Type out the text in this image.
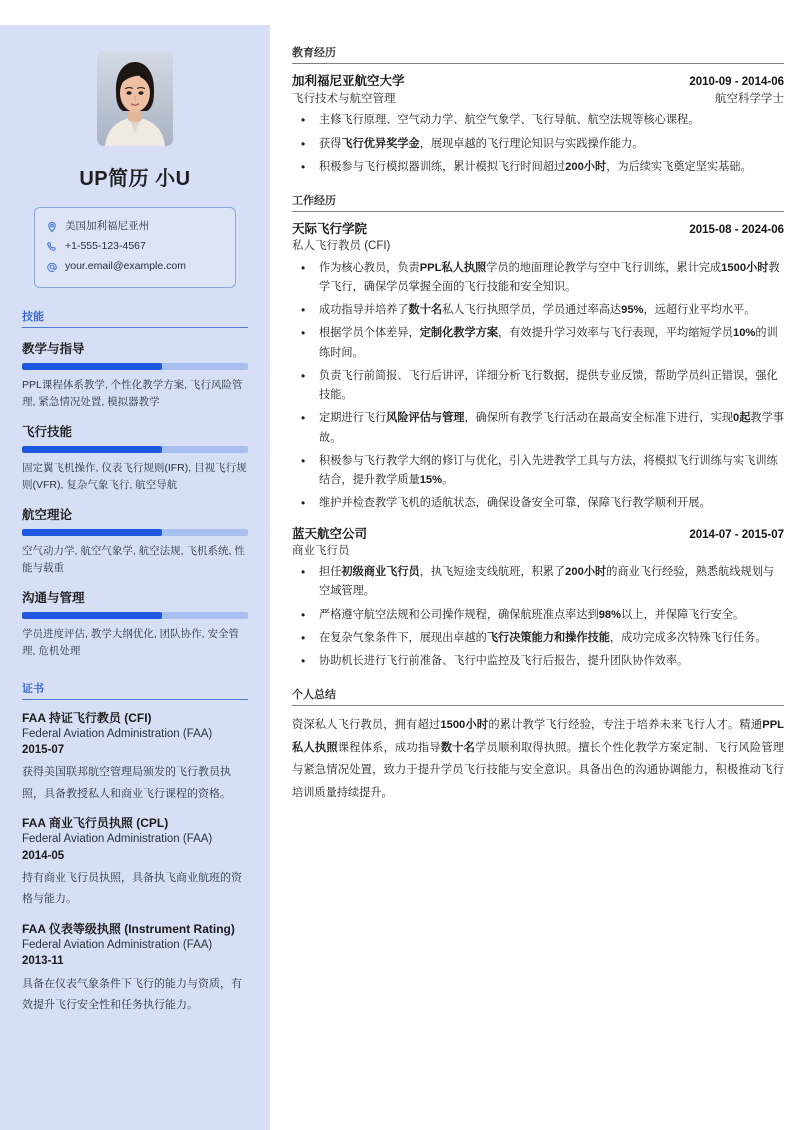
UP简历 小U
美国加利福尼亚州
+1-555-123-4567
your.email@example.com
技能
教学与指导
PPL课程体系教学, 个性化教学方案, 飞行风险管理, 紧急情况处置, 模拟器教学
飞行技能
固定翼飞机操作, 仪表飞行规则(IFR), 目视飞行规则(VFR), 复杂气象飞行, 航空导航
航空理论
空气动力学, 航空气象学, 航空法规, 飞机系统, 性能与载重
沟通与管理
学员进度评估, 教学大纲优化, 团队协作, 安全管理, 危机处理
证书
FAA 持证飞行教员 (CFI)
Federal Aviation Administration (FAA)
2015-07
获得美国联邦航空管理局颁发的飞行教员执照，具备教授私人和商业飞行课程的资格。
FAA 商业飞行员执照 (CPL)
Federal Aviation Administration (FAA)
2014-05
持有商业飞行员执照，具备执飞商业航班的资格与能力。
FAA 仪表等级执照 (Instrument Rating)
Federal Aviation Administration (FAA)
2013-11
具备在仪表气象条件下飞行的能力与资质，有效提升飞行安全性和任务执行能力。
教育经历
加利福尼亚航空大学	2010-09 - 2014-06
飞行技术与航空管理	航空科学学士
• 主修飞行原理、空气动力学、航空气象学、飞行导航、航空法规等核心课程。
• 获得飞行优异奖学金，展现卓越的飞行理论知识与实践操作能力。
• 积极参与飞行模拟器训练，累计模拟飞行时间超过200小时，为后续实飞奠定坚实基础。
工作经历
天际飞行学院	2015-08 - 2024-06
私人飞行教员 (CFI)
• 作为核心教员，负责PPL私人执照学员的地面理论教学与空中飞行训练，累计完成1500小时教学飞行，确保学员掌握全面的飞行技能和安全知识。
• 成功指导并培养了数十名私人飞行执照学员，学员通过率高达95%，远超行业平均水平。
• 根据学员个体差异，定制化教学方案，有效提升学习效率与飞行表现，平均缩短学员10%的训练时间。
• 负责飞行前简报、飞行后讲评，详细分析飞行数据，提供专业反馈，帮助学员纠正错误，强化技能。
• 定期进行飞行风险评估与管理，确保所有教学飞行活动在最高安全标准下进行，实现0起教学事故。
• 积极参与飞行教学大纲的修订与优化，引入先进教学工具与方法，将模拟飞行训练与实飞训练结合，提升教学质量15%。
• 维护并检查教学飞机的适航状态，确保设备安全可靠，保障飞行教学顺利开展。
蓝天航空公司	2014-07 - 2015-07
商业飞行员
• 担任初级商业飞行员，执飞短途支线航班，积累了200小时的商业飞行经验，熟悉航线规划与空域管理。
• 严格遵守航空法规和公司操作规程，确保航班准点率达到98%以上，并保障飞行安全。
• 在复杂气象条件下，展现出卓越的飞行决策能力和操作技能，成功完成多次特殊飞行任务。
• 协助机长进行飞行前准备、飞行中监控及飞行后报告，提升团队协作效率。
个人总结
资深私人飞行教员，拥有超过1500小时的累计教学飞行经验，专注于培养未来飞行人才。精通PPL私人执照课程体系，成功指导数十名学员顺利取得执照。擅长个性化教学方案定制、飞行风险管理与紧急情况处置，致力于提升学员飞行技能与安全意识。具备出色的沟通协调能力，积极推动飞行培训质量持续提升。
